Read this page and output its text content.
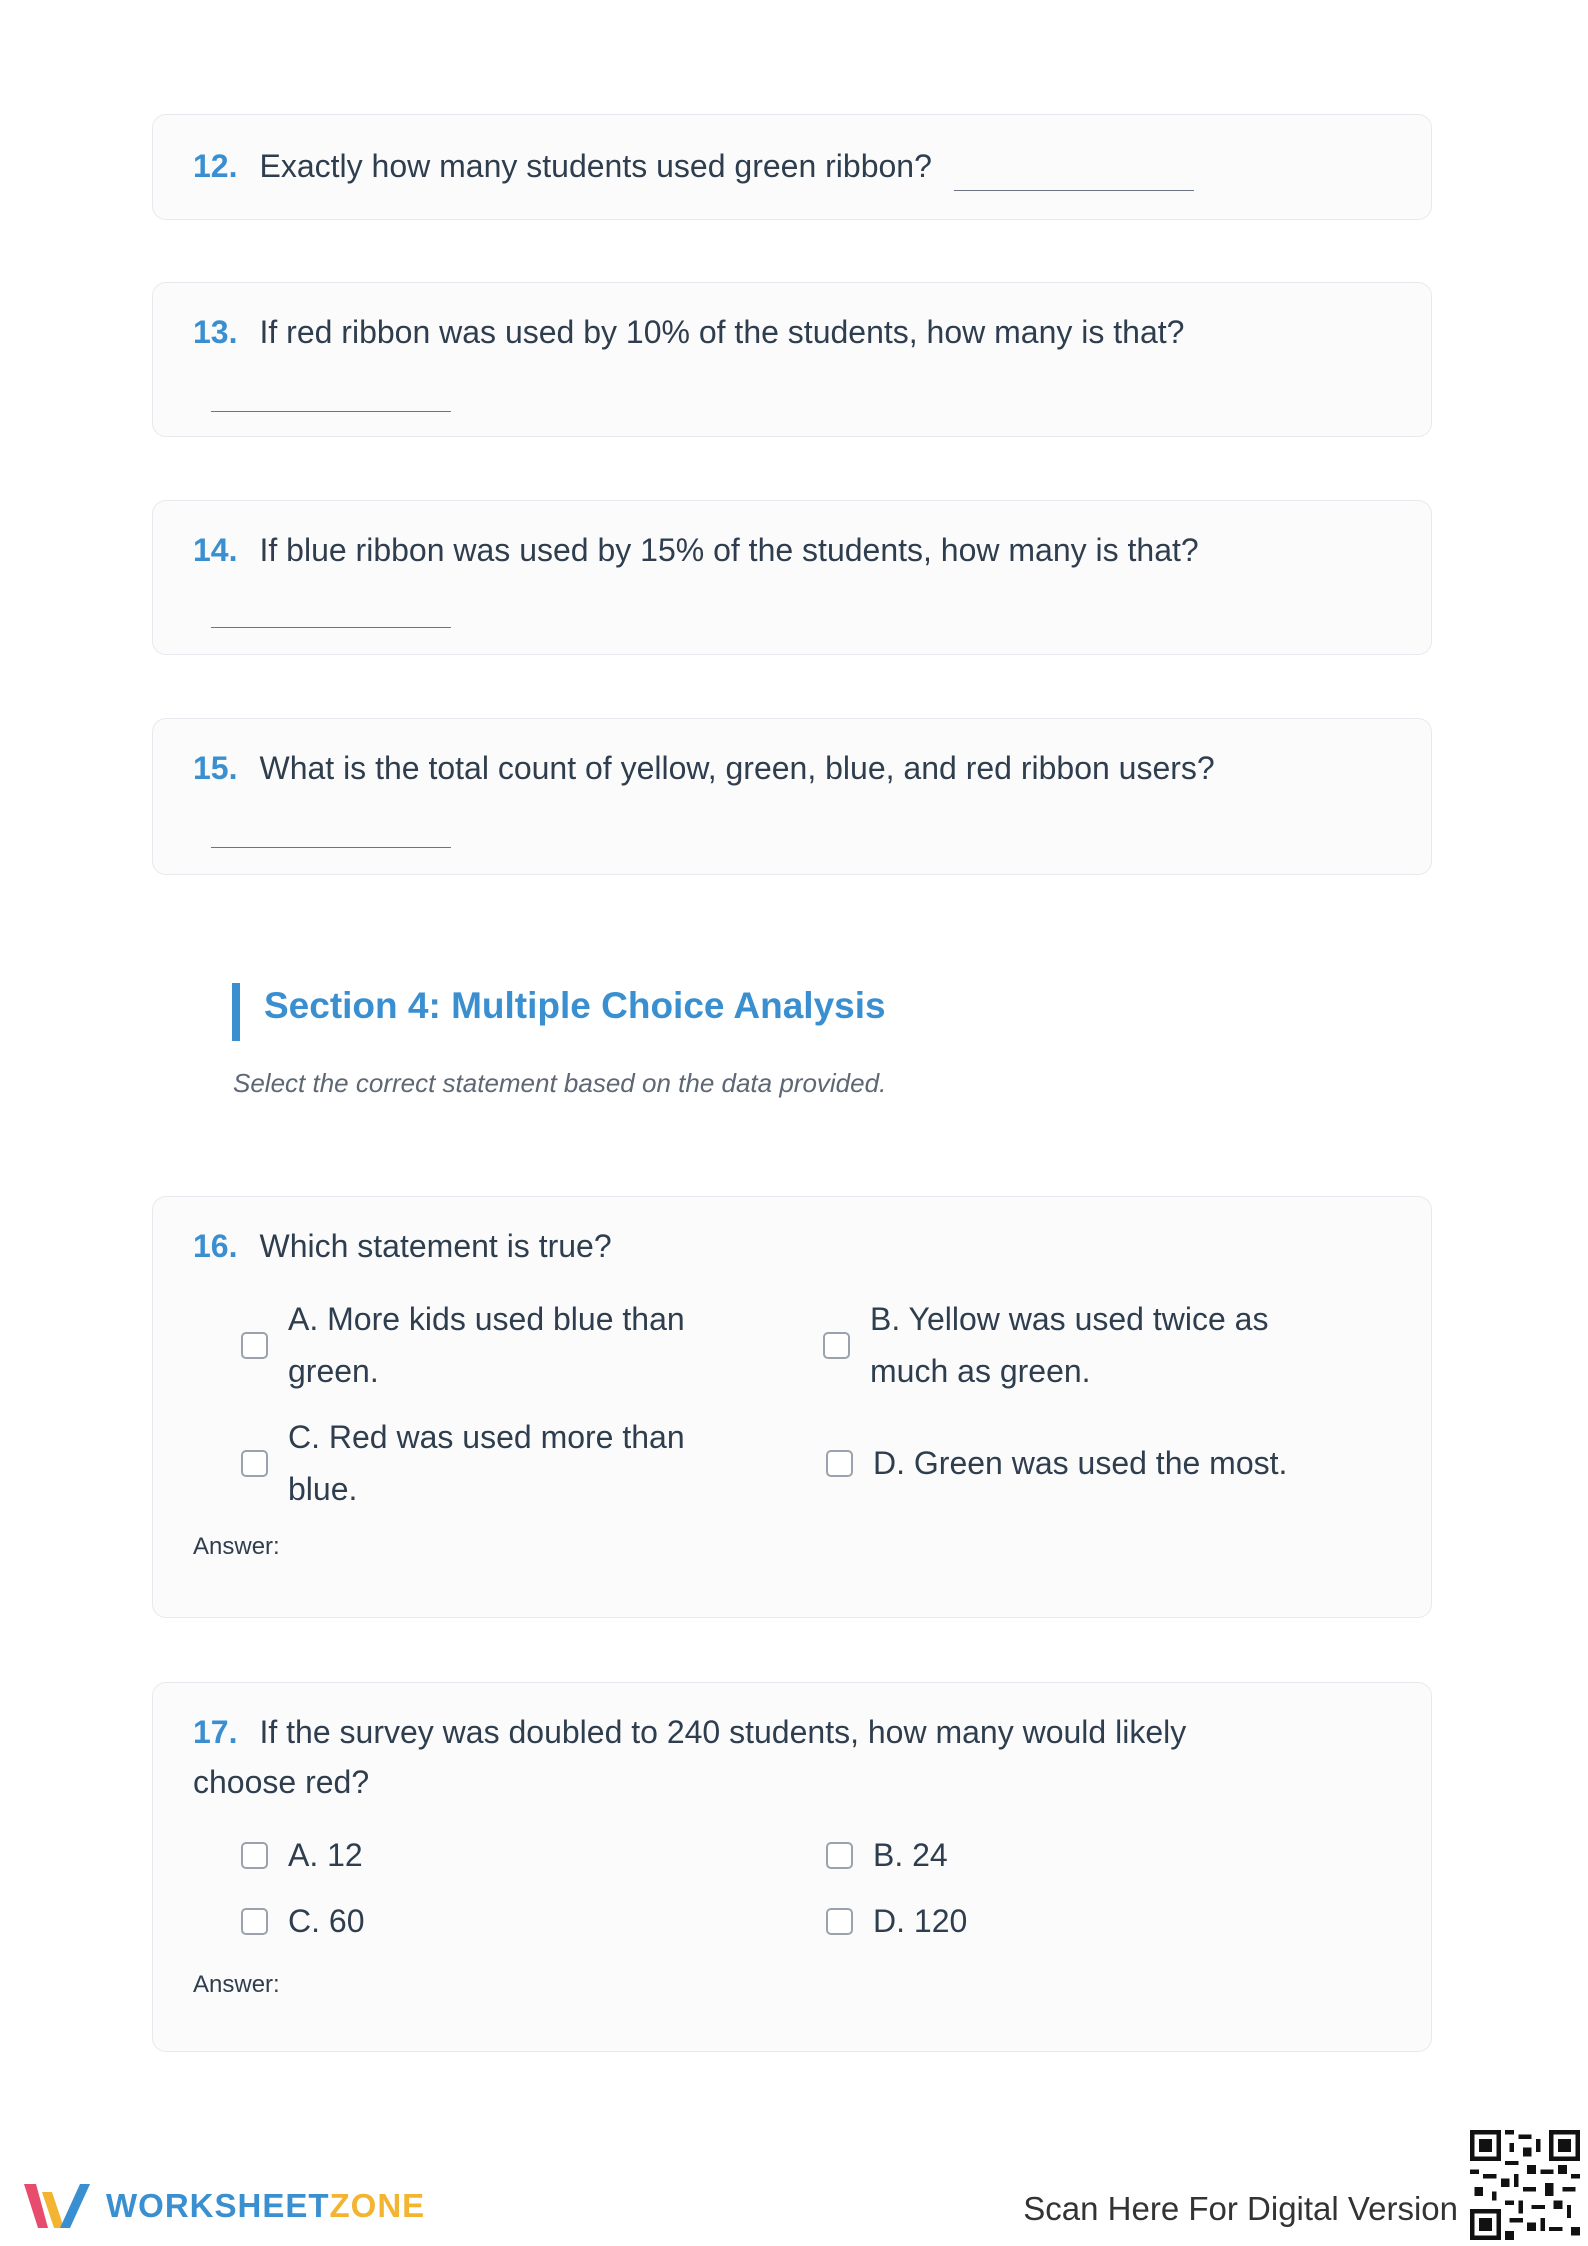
12. Exactly how many students used green ribbon?
13. If red ribbon was used by 10% of the students, how many is that?
14. If blue ribbon was used by 15% of the students, how many is that?
15. What is the total count of yellow, green, blue, and red ribbon users?
Section 4: Multiple Choice Analysis
Select the correct statement based on the data provided.
16. Which statement is true?
A. More kids used blue than
green.
B. Yellow was used twice as
much as green.
C. Red was used more than
blue.
D. Green was used the most.
Answer:
17. If the survey was doubled to 240 students, how many would likely
choose red?
A. 12	B. 24
C. 60	D. 120
Answer:
WORKSHEETZONE	Scan Here For Digital Version
